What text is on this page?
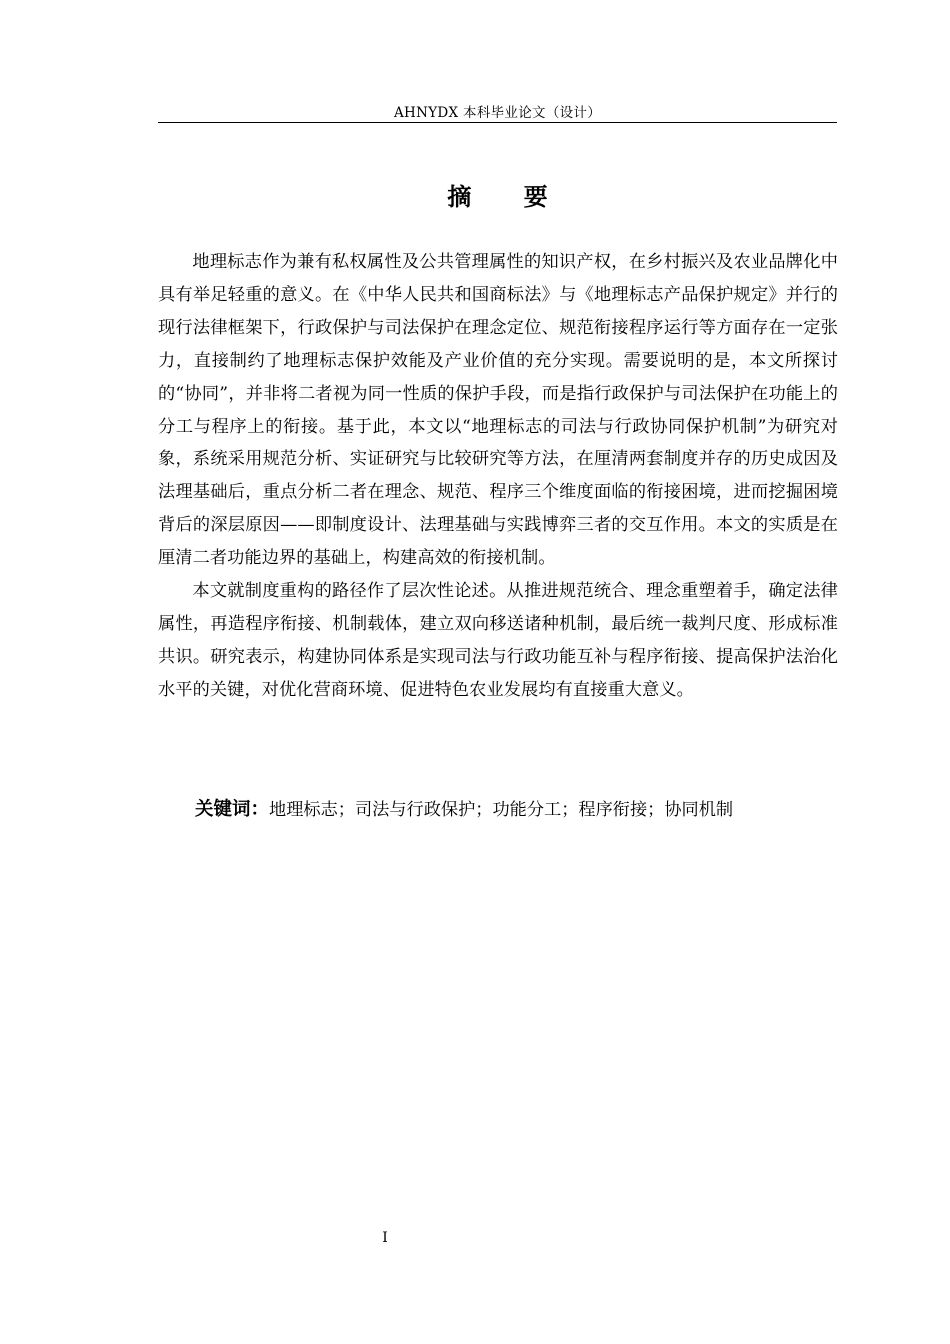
AHNYDX 本科毕业论文（设计）
摘 要

地理标志作为兼有私权属性及公共管理属性的知识产权，在乡村振兴及农业品牌化中具有举足轻重的意义。在《中华人民共和国商标法》与《地理标志产品保护规定》并行的现行法律框架下，行政保护与司法保护在理念定位、规范衔接程序运行等方面存在一定张力，直接制约了地理标志保护效能及产业价值的充分实现。需要说明的是，本文所探讨的“协同”，并非将二者视为同一性质的保护手段，而是指行政保护与司法保护在功能上的分工与程序上的衔接。基于此，本文以“地理标志的司法与行政协同保护机制”为研究对象，系统采用规范分析、实证研究与比较研究等方法，在厘清两套制度并存的历史成因及法理基础后，重点分析二者在理念、规范、程序三个维度面临的衔接困境，进而挖掘困境背后的深层原因——即制度设计、法理基础与实践博弈三者的交互作用。本文的实质是在厘清二者功能边界的基础上，构建高效的衔接机制。

本文就制度重构的路径作了层次性论述。从推进规范统合、理念重塑着手，确定法律属性，再造程序衔接、机制载体，建立双向移送诸种机制，最后统一裁判尺度、形成标准共识。研究表示，构建协同体系是实现司法与行政功能互补与程序衔接、提高保护法治化水平的关键，对优化营商环境、促进特色农业发展均有直接重大意义。

关键词：地理标志；司法与行政保护；功能分工；程序衔接；协同机制
I
